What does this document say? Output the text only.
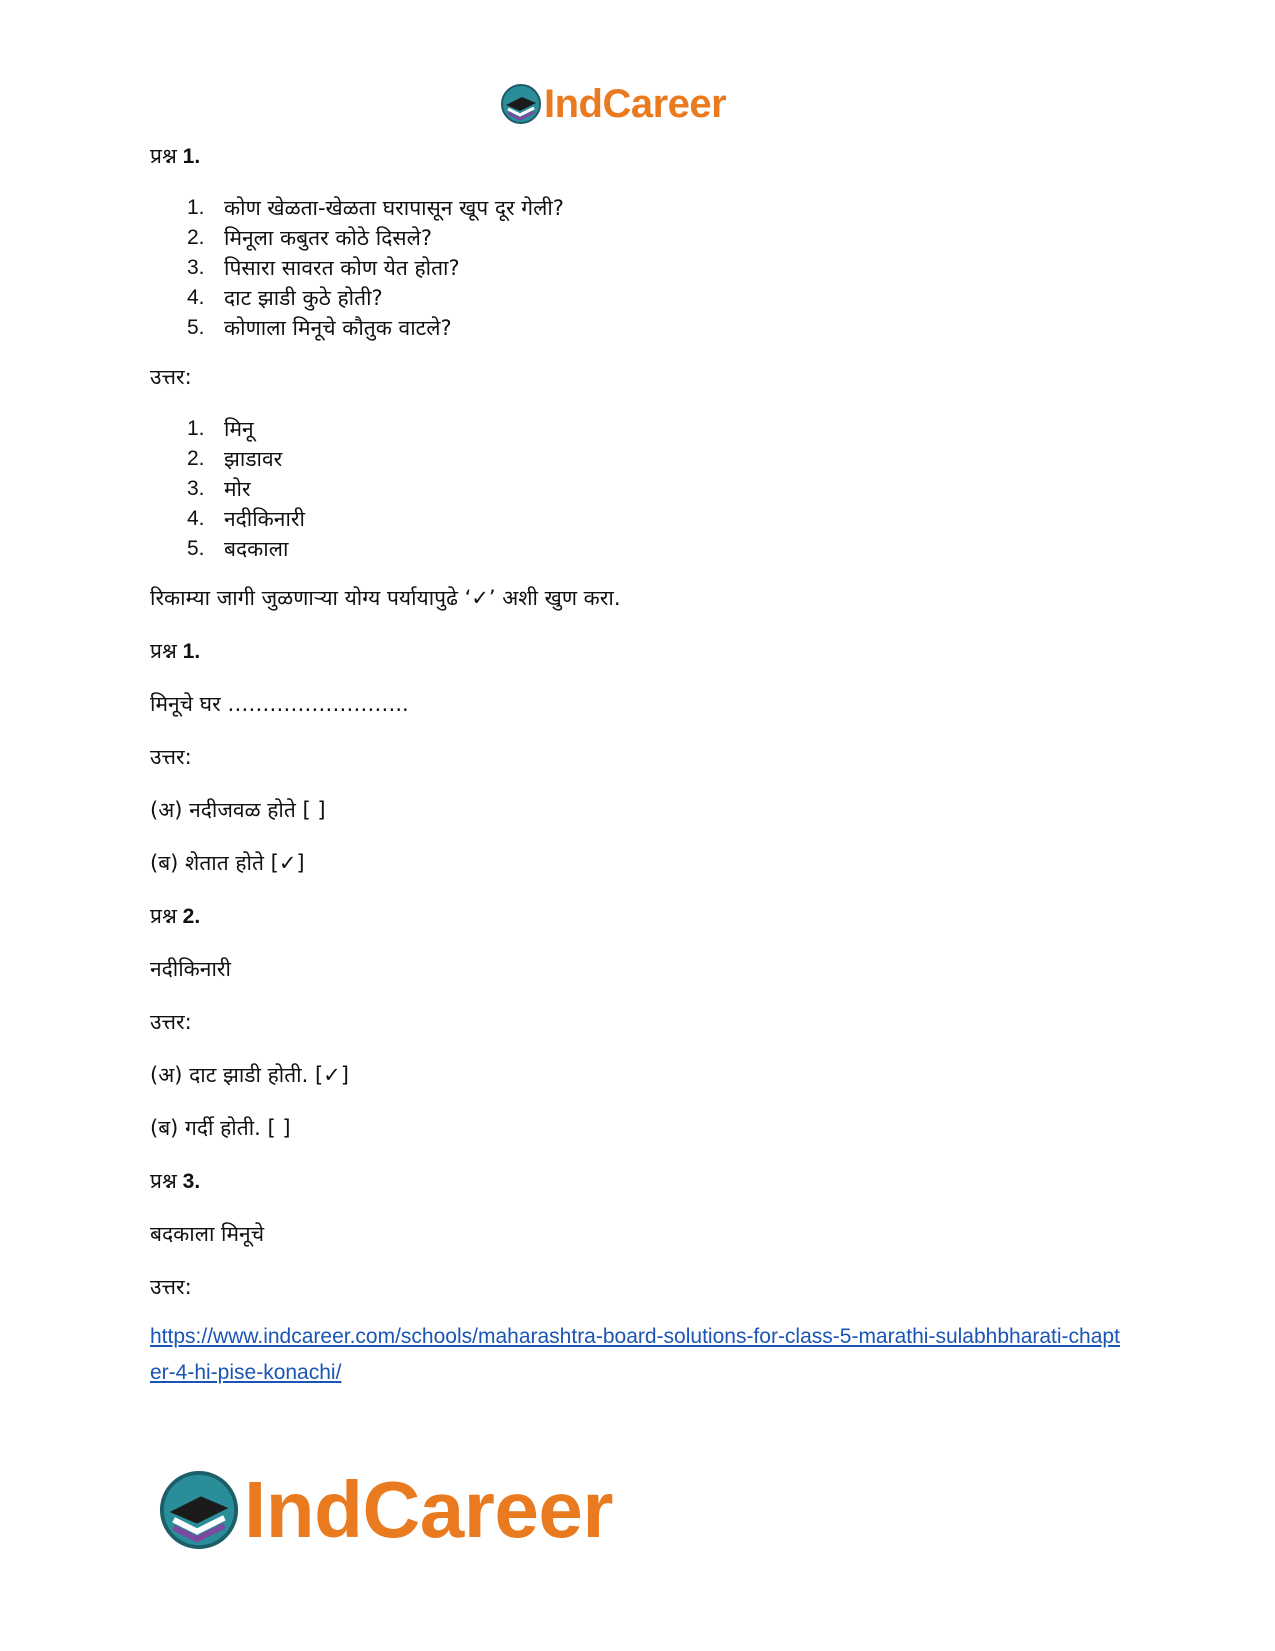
IndCareer
प्रश्न 1.
1. कोण खेळता-खेळता घरापासून खूप दूर गेली?
2. मिनूला कबुतर कोठे दिसले?
3. पिसारा सावरत कोण येत होता?
4. दाट झाडी कुठे होती?
5. कोणाला मिनूचे कौतुक वाटले?
उत्तर:
1. मिनू
2. झाडावर
3. मोर
4. नदीकिनारी
5. बदकाला
रिकाम्या जागी जुळणाऱ्या योग्य पर्यायापुढे ‘✓’ अशी खुण करा.
प्रश्न 1.
मिनूचे घर ……………………..
उत्तर:
(अ) नदीजवळ होते [ ]
(ब) शेतात होते [✓]
प्रश्न 2.
नदीकिनारी
उत्तर:
(अ) दाट झाडी होती. [✓]
(ब) गर्दी होती. [ ]
प्रश्न 3.
बदकाला मिनूचे
उत्तर:
https://www.indcareer.com/schools/maharashtra-board-solutions-for-class-5-marathi-sulabhbharati-chapter-4-hi-pise-konachi/
IndCareer
